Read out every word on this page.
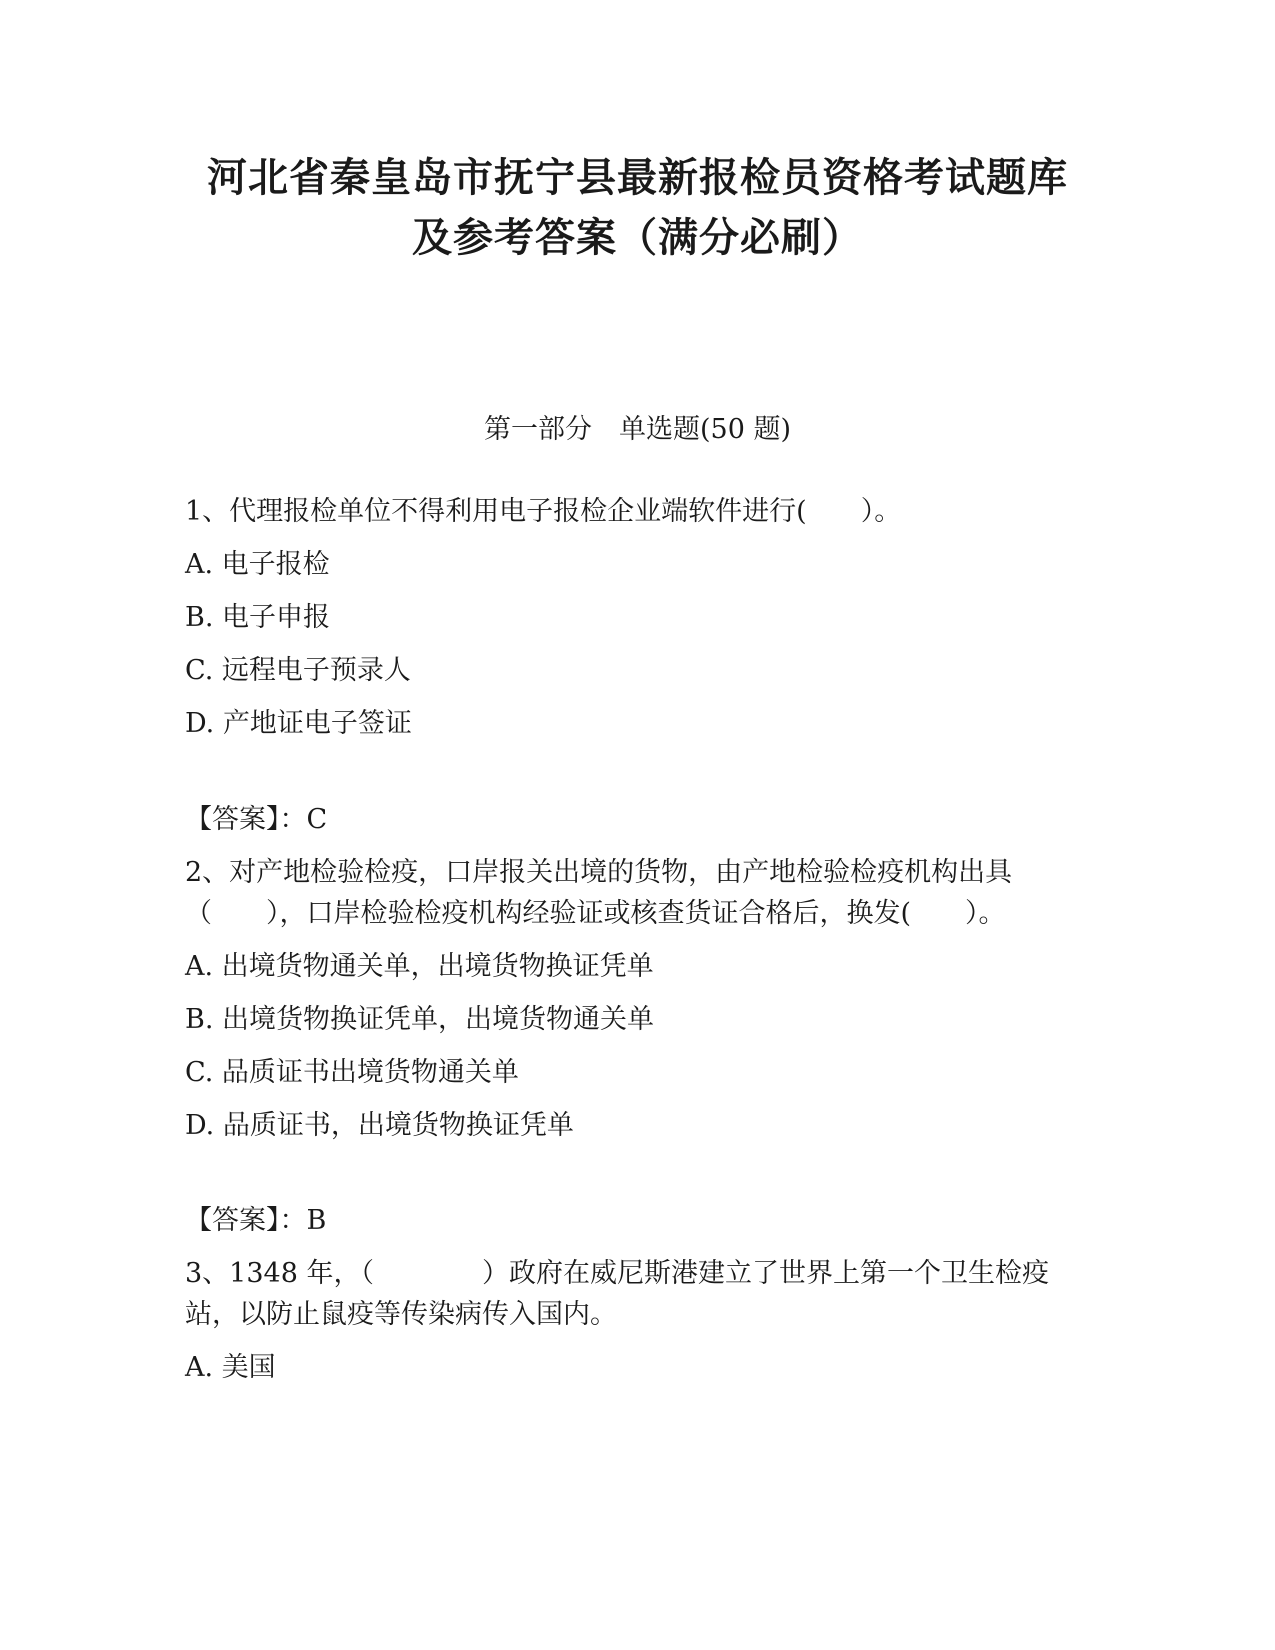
河北省秦皇岛市抚宁县最新报检员资格考试题库
及参考答案（满分必刷）
第一部分　单选题(50 题)
1、代理报检单位不得利用电子报检企业端软件进行(　　）。
A. 电子报检
B. 电子申报
C. 远程电子预录人
D. 产地证电子签证
【答案】：C
2、对产地检验检疫，口岸报关出境的货物，由产地检验检疫机构出具
（　　），口岸检验检疫机构经验证或核查货证合格后，换发(　　）。
A. 出境货物通关单，出境货物换证凭单
B. 出境货物换证凭单，出境货物通关单
C. 品质证书出境货物通关单
D. 品质证书，出境货物换证凭单
【答案】：B
3、1348 年，（　　　　）政府在威尼斯港建立了世界上第一个卫生检疫
站，以防止鼠疫等传染病传入国内。
A. 美国
